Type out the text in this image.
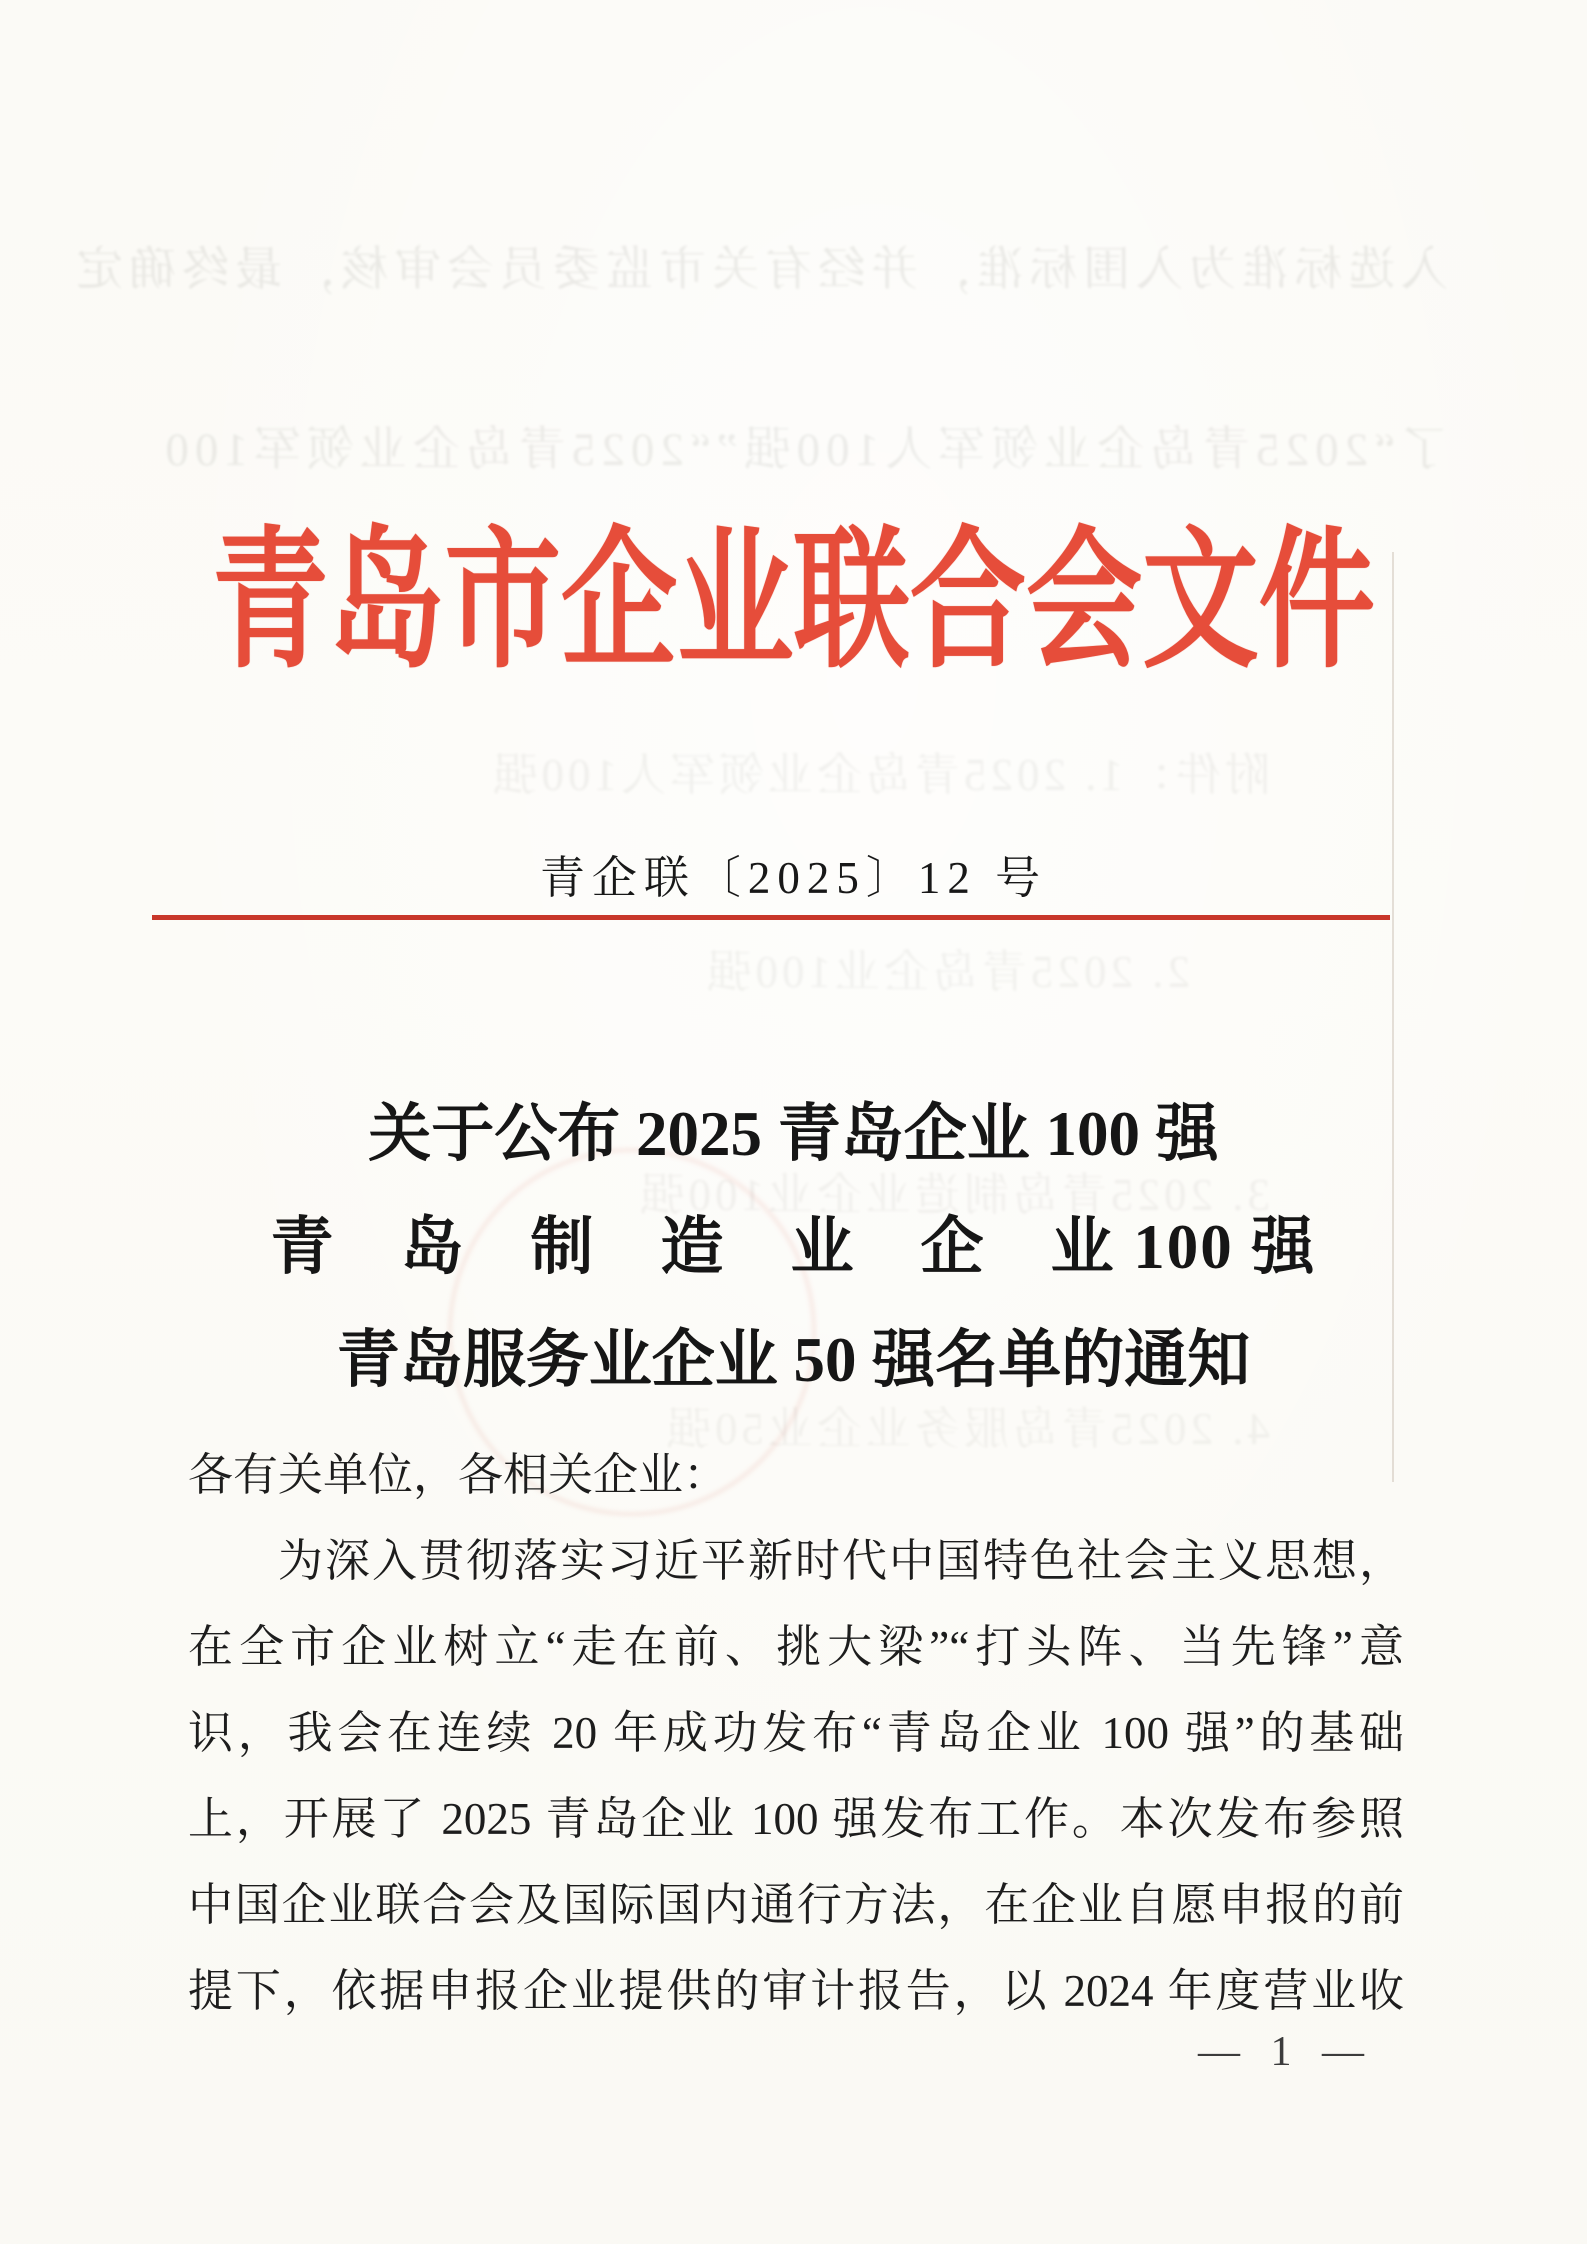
入选标准为入围标准，并经有关市监委员会审核，最终确定
了“2025青岛企业领军人100强”“2025青岛企业领军100
附件：1. 2025青岛企业领军人100强
2. 2025青岛企业100强
3. 2025青岛制造业企业100强
4. 2025青岛服务业企业50强
青岛市企业联合会文件
青企联〔2025〕12 号
关于公布 2025 青岛企业 100 强
青　岛　制　造　业　企　业 100 强
青岛服务业企业 50 强名单的通知
各有关单位，各相关企业：
为深入贯彻落实习近平新时代中国特色社会主义思想，
在全市企业树立“走在前、挑大梁”“打头阵、当先锋”意
识，我会在连续 20 年成功发布“青岛企业 100 强”的基础
上，开展了 2025 青岛企业 100 强发布工作。本次发布参照
中国企业联合会及国际国内通行方法，在企业自愿申报的前
提下，依据申报企业提供的审计报告，以 2024 年度营业收
— 1 —
